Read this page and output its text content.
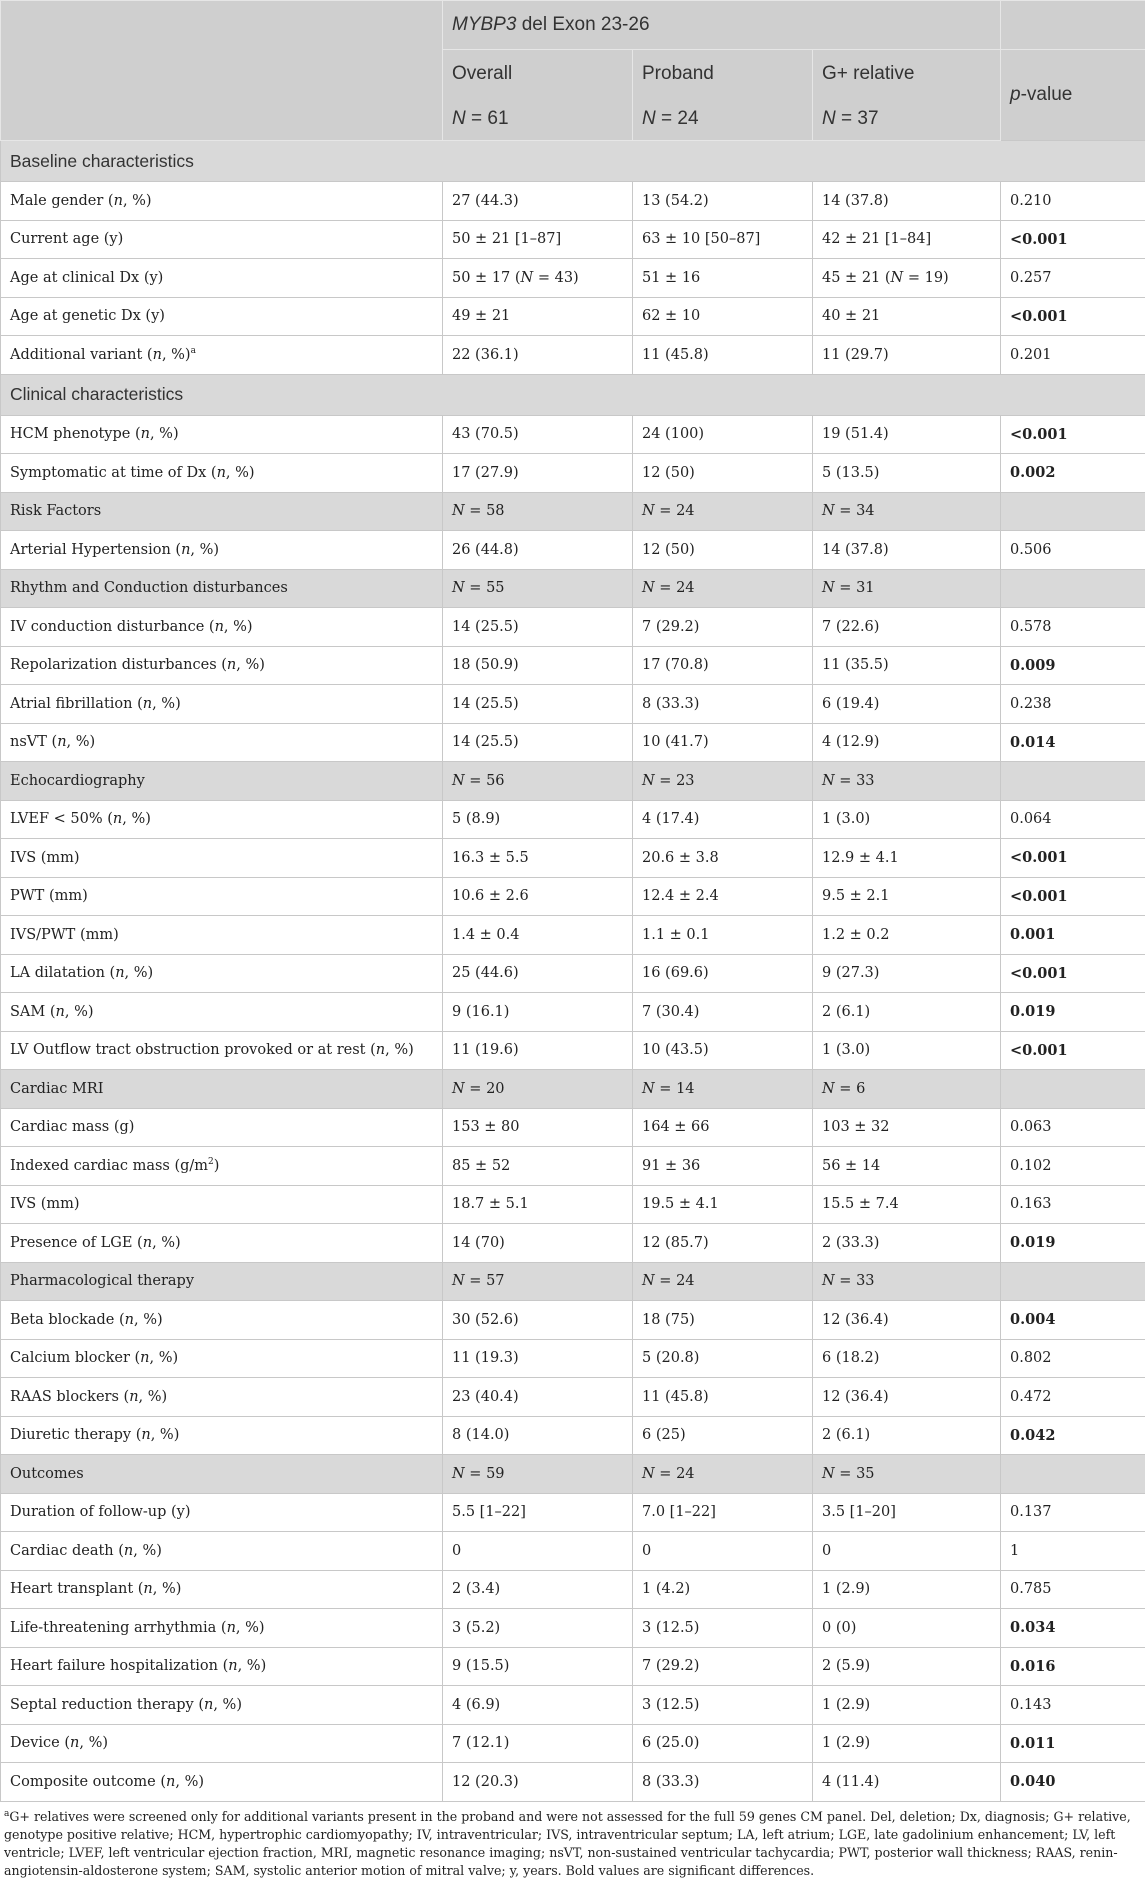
	MYBP3 del Exon 23-26			
	Overall	Proband	G+ relative	p-value
	N = 61	N = 24	N = 37	
Baseline characteristics				
Male gender (n, %)	27 (44.3)	13 (54.2)	14 (37.8)	0.210
Current age (y)	50 ± 21 [1–87]	63 ± 10 [50–87]	42 ± 21 [1–84]	<0.001
Age at clinical Dx (y)	50 ± 17 (N = 43)	51 ± 16	45 ± 21 (N = 19)	0.257
Age at genetic Dx (y)	49 ± 21	62 ± 10	40 ± 21	<0.001
Additional variant (n, %)$^a$	22 (36.1)	11 (45.8)	11 (29.7)	0.201
Clinical characteristics				
HCM phenotype (n, %)	43 (70.5)	24 (100)	19 (51.4)	<0.001
Symptomatic at time of Dx (n, %)	17 (27.9)	12 (50)	5 (13.5)	0.002
Risk Factors	N = 58	N = 24	N = 34	
Arterial Hypertension (n, %)	26 (44.8)	12 (50)	14 (37.8)	0.506
Rhythm and Conduction disturbances	N = 55	N = 24	N = 31	
IV conduction disturbance (n, %)	14 (25.5)	7 (29.2)	7 (22.6)	0.578
Repolarization disturbances (n, %)	18 (50.9)	17 (70.8)	11 (35.5)	0.009
Atrial fibrillation (n, %)	14 (25.5)	8 (33.3)	6 (19.4)	0.238
nsVT (n, %)	14 (25.5)	10 (41.7)	4 (12.9)	0.014
Echocardiography	N = 56	N = 23	N = 33	
LVEF < 50% (n, %)	5 (8.9)	4 (17.4)	1 (3.0)	0.064
IVS (mm)	16.3 ± 5.5	20.6 ± 3.8	12.9 ± 4.1	<0.001
PWT (mm)	10.6 ± 2.6	12.4 ± 2.4	9.5 ± 2.1	<0.001
IVS/PWT (mm)	1.4 ± 0.4	1.1 ± 0.1	1.2 ± 0.2	0.001
LA dilatation (n, %)	25 (44.6)	16 (69.6)	9 (27.3)	<0.001
SAM (n, %)	9 (16.1)	7 (30.4)	2 (6.1)	0.019
LV Outflow tract obstruction provoked or at rest (n, %)	11 (19.6)	10 (43.5)	1 (3.0)	<0.001
Cardiac MRI	N = 20	N = 14	N = 6	
Cardiac mass (g)	153 ± 80	164 ± 66	103 ± 32	0.063
Indexed cardiac mass $(g/m^2)$	85 ± 52	91 ± 36	56 ± 14	0.102
IVS (mm)	18.7 ± 5.1	19.5 ± 4.1	15.5 ± 7.4	0.163
Presence of LGE (n, %)	14 (70)	12 (85.7)	2 (33.3)	0.019
Pharmacological therapy	N = 57	N = 24	N = 33	
Beta blockade (n, %)	30 (52.6)	18 (75)	12 (36.4)	0.004
Calcium blocker (n, %)	11 (19.3)	5 (20.8)	6 (18.2)	0.802
RAAS blockers (n, %)	23 (40.4)	11 (45.8)	12 (36.4)	0.472
Diuretic therapy (n, %)	8 (14.0)	6 (25)	2 (6.1)	0.042
Outcomes	N = 59	N = 24	N = 35	
Duration of follow-up (y)	5.5 [1–22]	7.0 [1–22]	3.5 [1–20]	0.137
Cardiac death (n, %)	0	0	0	1
Heart transplant (n, %)	2 (3.4)	1 (4.2)	1 (2.9)	0.785
Life-threatening arrhythmia (n, %)	3 (5.2)	3 (12.5)	0 (0)	0.034
Heart failure hospitalization (n, %)	9 (15.5)	7 (29.2)	2 (5.9)	0.016
Septal reduction therapy (n, %)	4 (6.9)	3 (12.5)	1 (2.9)	0.143
Device (n, %)	7 (12.1)	6 (25.0)	1 (2.9)	0.011
Composite outcome (n, %)	12 (20.3)	8 (33.3)	4 (11.4)	0.040
$^a$G+ relatives were screened only for additional variants present in the proband and were not assessed for the full 59 genes CM panel. Del, deletion; Dx, diagnosis; G+ relative, genotype positive relative; HCM, hypertrophic cardiomyopathy; IV, intraventricular; IVS, intraventricular septum; LA, left atrium; LGE, late gadolinium enhancement; LV, left ventricle; LVEF, left ventricular ejection fraction, MRI, magnetic resonance imaging; nsVT, non-sustained ventricular tachycardia; PWT, posterior wall thickness; RAAS, renin-angiotensin-aldosterone system; SAM, systolic anterior motion of mitral valve; y, years. Bold values are significant differences.
